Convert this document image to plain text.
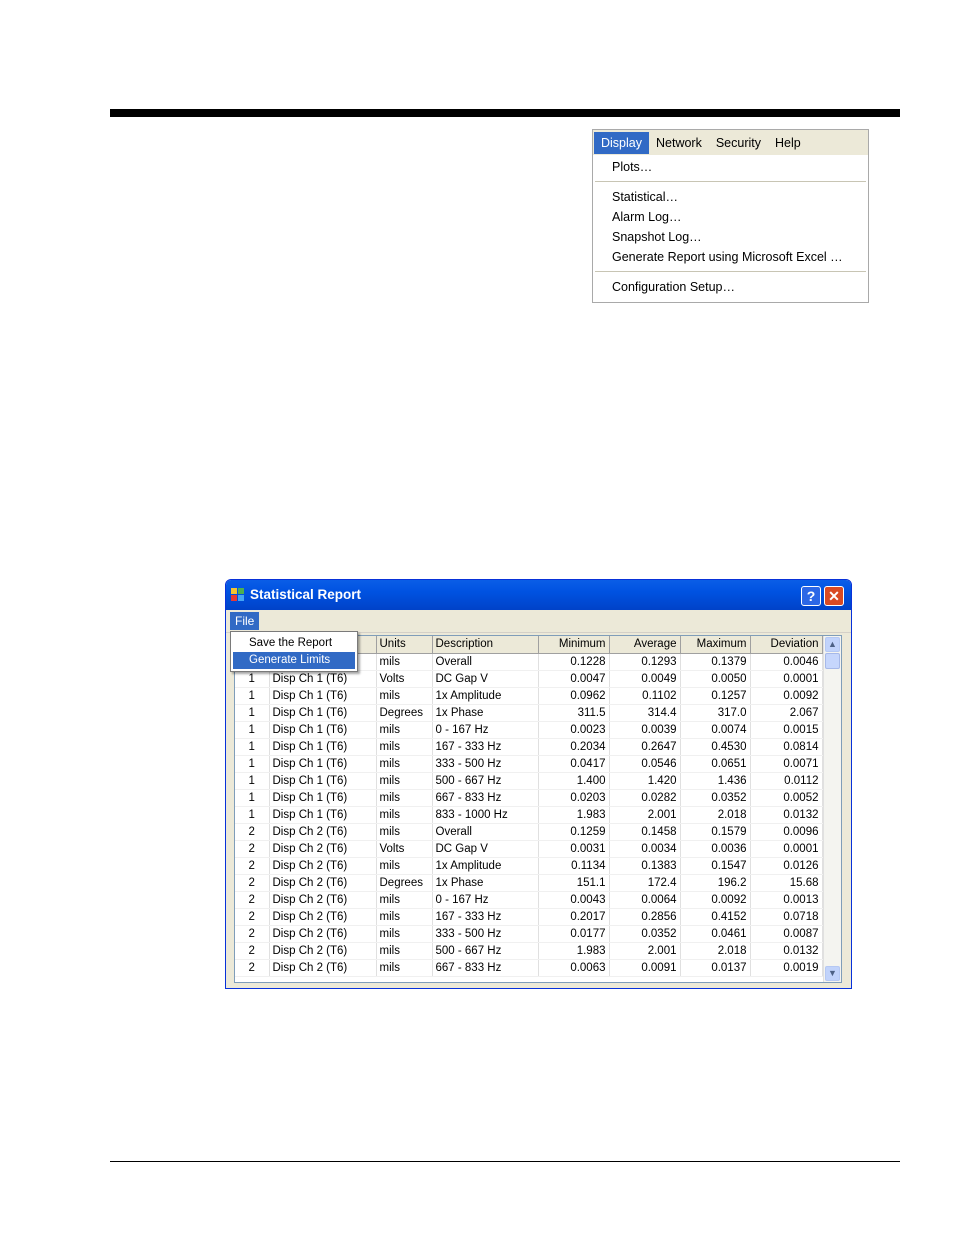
Display	Network	Security	Help
Plots…
Statistical…
Alarm Log…
Snapshot Log…
Generate Report using Microsoft Excel …
Configuration Setup…
Statistical Report	? ✕
File
		Units	Description	Minimum	Average	Maximum	Deviation
		mils	Overall	0.1228	0.1293	0.1379	0.0046
1	Disp Ch 1 (T6)	Volts	DC Gap V	0.0047	0.0049	0.0050	0.0001
1	Disp Ch 1 (T6)	mils	1x Amplitude	0.0962	0.1102	0.1257	0.0092
1	Disp Ch 1 (T6)	Degrees	1x Phase	311.5	314.4	317.0	2.067
1	Disp Ch 1 (T6)	mils	0 - 167 Hz	0.0023	0.0039	0.0074	0.0015
1	Disp Ch 1 (T6)	mils	167 - 333 Hz	0.2034	0.2647	0.4530	0.0814
1	Disp Ch 1 (T6)	mils	333 - 500 Hz	0.0417	0.0546	0.0651	0.0071
1	Disp Ch 1 (T6)	mils	500 - 667 Hz	1.400	1.420	1.436	0.0112
1	Disp Ch 1 (T6)	mils	667 - 833 Hz	0.0203	0.0282	0.0352	0.0052
1	Disp Ch 1 (T6)	mils	833 - 1000 Hz	1.983	2.001	2.018	0.0132
2	Disp Ch 2 (T6)	mils	Overall	0.1259	0.1458	0.1579	0.0096
2	Disp Ch 2 (T6)	Volts	DC Gap V	0.0031	0.0034	0.0036	0.0001
2	Disp Ch 2 (T6)	mils	1x Amplitude	0.1134	0.1383	0.1547	0.0126
2	Disp Ch 2 (T6)	Degrees	1x Phase	151.1	172.4	196.2	15.68
2	Disp Ch 2 (T6)	mils	0 - 167 Hz	0.0043	0.0064	0.0092	0.0013
2	Disp Ch 2 (T6)	mils	167 - 333 Hz	0.2017	0.2856	0.4152	0.0718
2	Disp Ch 2 (T6)	mils	333 - 500 Hz	0.0177	0.0352	0.0461	0.0087
2	Disp Ch 2 (T6)	mils	500 - 667 Hz	1.983	2.001	2.018	0.0132
2	Disp Ch 2 (T6)	mils	667 - 833 Hz	0.0063	0.0091	0.0137	0.0019
▲
▼
Save the Report
Generate Limits
